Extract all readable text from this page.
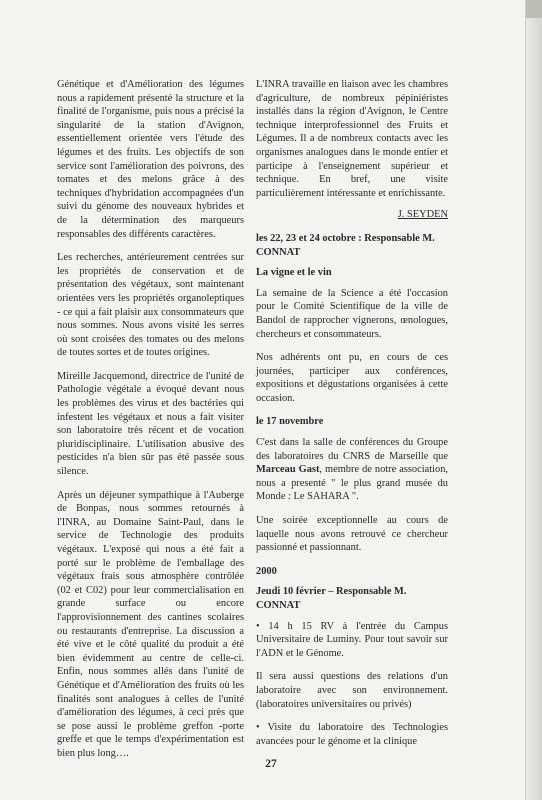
Génétique et d'Amélioration des légumes nous a rapidement présenté la structure et la finalité de l'organisme, puis nous a précisé la singularité de la station d'Avignon, essentiellement orientée vers l'étude des légumes et des fruits. Les objectifs de son service sont l'amélioration des poivrons, des tomates et des melons grâce à des techniques d'hybridation accompagnées d'un suivi du génome des nouveaux hybrides et de la détermination des marqueurs responsables des différents caractères.

Les recherches, antérieurement centrées sur les propriétés de conservation et de présentation des végétaux, sont maintenant orientées vers les propriétés organoleptiques - ce qui a fait plaisir aux consommateurs que nous sommes. Nous avons visité les serres où sont croisées des tomates ou des melons de toutes sortes et de toutes origines.

Mireille Jacquemond, directrice de l'unité de Pathologie végétale a évoqué devant nous les problèmes des virus et des bactéries qui infestent les végétaux et nous a fait visiter son laboratoire très récent et de vocation pluridisciplinaire. L'utilisation abusive des pesticides n'a bien sûr pas été passée sous silence.

Après un déjeuner sympathique à l'Auberge de Bonpas, nous sommes retournés à l'INRA, au Domaine Saint-Paul, dans le service de Technologie des produits végétaux. L'exposé qui nous a été fait a porté sur le problème de l'emballage des végétaux frais sous atmosphère contrôlée (02 et C02) pour leur commercialisation en grande surface ou encore l'approvisionnement des cantines scolaires ou restaurants d'entreprise. La discussion a été vive et le côté qualité du produit a été bien évidemment au centre de celle-ci. Enfin, nous sommes allés dans l'unité de Génétique et d'Amélioration des fruits où les finalités sont analogues à celles de l'unité d'amélioration des légumes, à ceci près que se pose aussi le problème greffon -porte greffe et que le temps d'expérimentation est bien plus long….

L'INRA travaille en liaison avec les chambres d'agriculture, de nombreux pépiniéristes installés dans la région d'Avignon, le Centre technique interprofessionnel des Fruits et Légumes. Il a de nombreux contacts avec les organismes analogues dans le monde entier et participe à l'enseignement supérieur et technique. En bref, une visite particulièrement intéressante et enrichissante.

J. SEYDEN

les 22, 23 et 24 octobre : Responsable M. CONNAT
La vigne et le vin

La semaine de la Science a été l'occasion pour le Comité Scientifique de la ville de Bandol de rapprocher vignerons, œnologues, chercheurs et consommateurs.

Nos adhérents ont pu, en cours de ces journées, participer aux conférences, expositions et dégustations organisées à cette occasion.

le 17 novembre

C'est dans la salle de conférences du Groupe des laboratoires du CNRS de Marseille que Marceau Gast, membre de notre association, nous a presenté " le plus grand musée du Monde : Le SAHARA ".

Une soirée exceptionnelle au cours de laquelle nous avons retrouvé ce chercheur passionné et passionnant.

2000
Jeudi 10 février – Responsable M. CONNAT

• 14 h 15 RV à l'entrée du Campus Universitaire de Luminy. Pour tout savoir sur l'ADN et le Génome.

Il sera aussi questions des relations d'un laboratoire avec son environnement.(laboratoires universitaires ou privés)

• Visite du laboratoire des Technologies avancées pour le génome et la clinique

27
